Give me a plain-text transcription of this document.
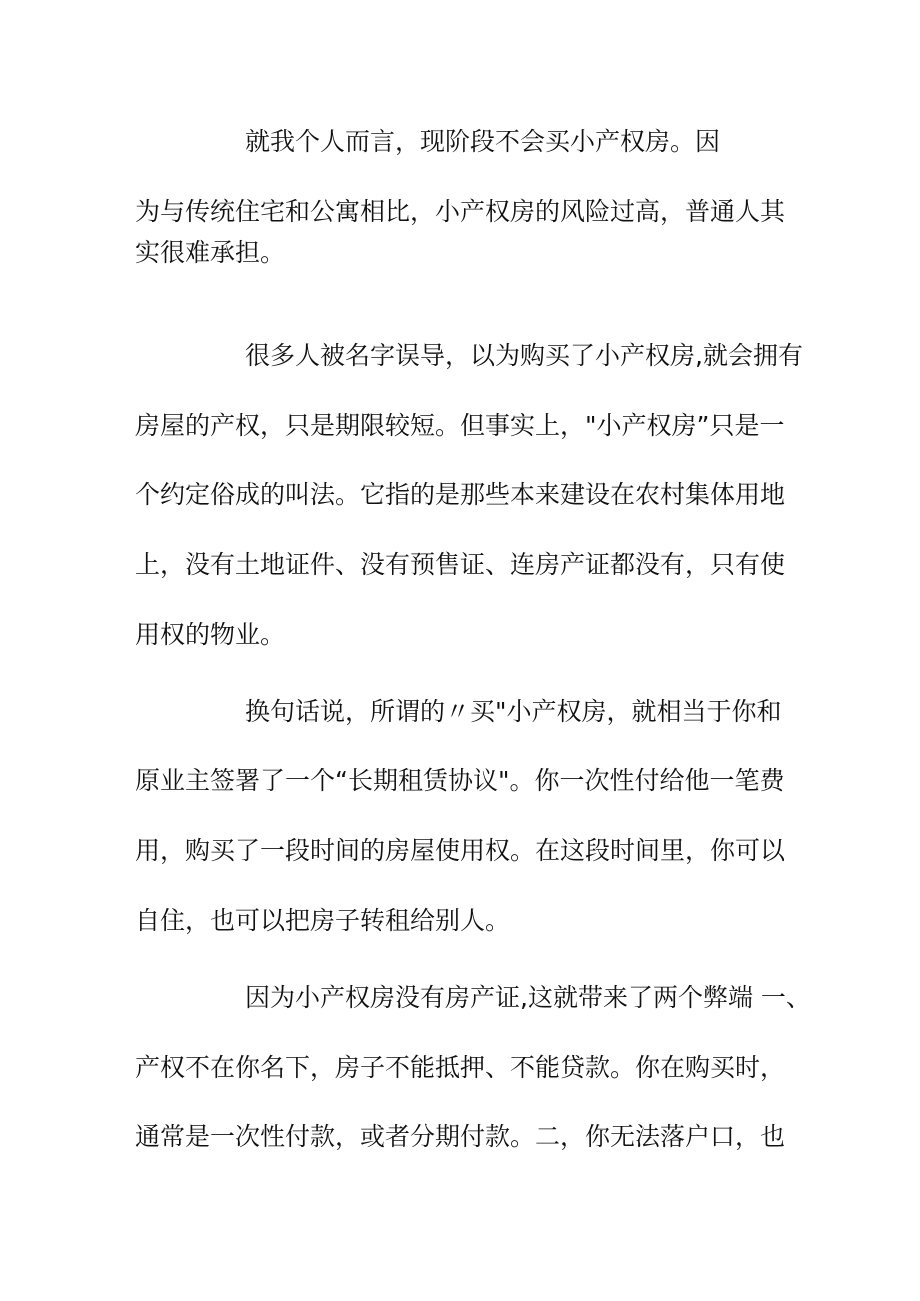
就我个人而言，现阶段不会买小产权房。因
为与传统住宅和公寓相比，小产权房的风险过高，普通人其
实很难承担。
很多人被名字误导，以为购买了小产权房,就会拥有
房屋的产权，只是期限较短。但事实上，"小产权房”只是一
个约定俗成的叫法。它指的是那些本来建设在农村集体用地
上，没有土地证件、没有预售证、连房产证都没有，只有使
用权的物业。
换句话说，所谓的〃买"小产权房，就相当于你和
原业主签署了一个“长期租赁协议"。你一次性付给他一笔费
用，购买了一段时间的房屋使用权。在这段时间里，你可以
自住，也可以把房子转租给别人。
因为小产权房没有房产证,这就带来了两个弊端 一、
产权不在你名下，房子不能抵押、不能贷款。你在购买时，
通常是一次性付款，或者分期付款。二，你无法落户口，也
